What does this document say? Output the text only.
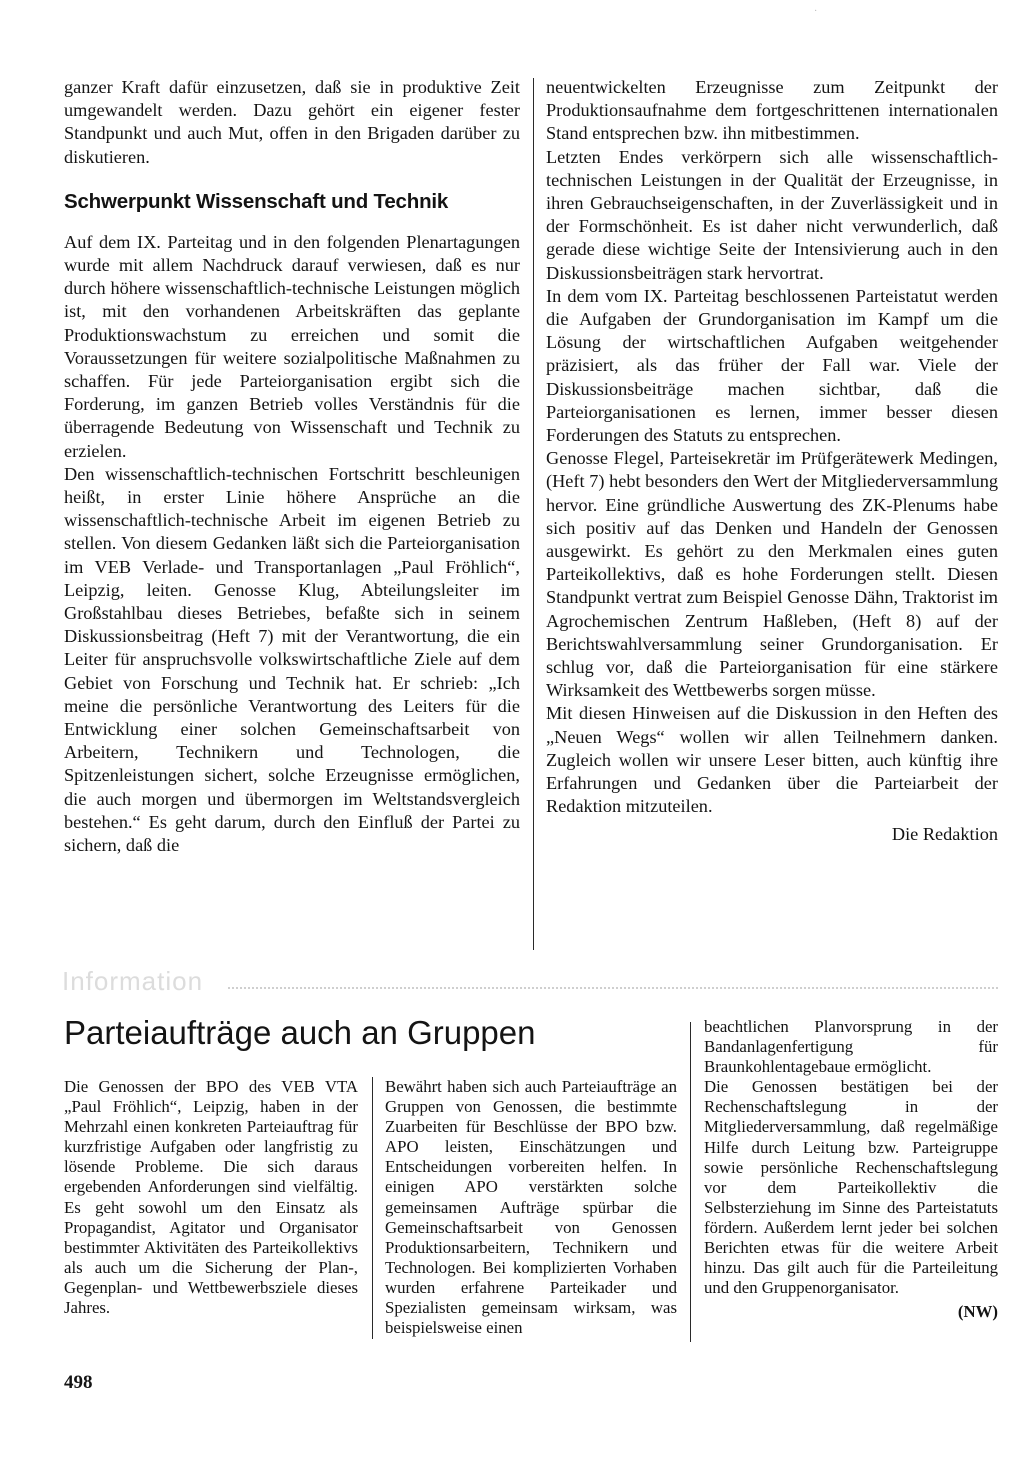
·

ganzer Kraft dafür einzusetzen, daß sie in produktive Zeit umgewandelt werden. Dazu gehört ein eigener fester Standpunkt und auch Mut, offen in den Brigaden darüber zu diskutieren.

Schwerpunkt Wissenschaft und Technik

Auf dem IX. Parteitag und in den folgenden Plenartagungen wurde mit allem Nachdruck darauf verwiesen, daß es nur durch höhere wissenschaftlich-technische Leistungen möglich ist, mit den vorhandenen Arbeitskräften das geplante Produktionswachstum zu erreichen und somit die Voraussetzungen für weitere sozialpolitische Maßnahmen zu schaffen. Für jede Parteiorganisation ergibt sich die Forderung, im ganzen Betrieb volles Verständnis für die überragende Bedeutung von Wissenschaft und Technik zu erzielen.

Den wissenschaftlich-technischen Fortschritt beschleunigen heißt, in erster Linie höhere Ansprüche an die wissenschaftlich-technische Arbeit im eigenen Betrieb zu stellen. Von diesem Gedanken läßt sich die Parteiorganisation im VEB Verlade- und Transportanlagen „Paul Fröhlich“, Leipzig, leiten. Genosse Klug, Abteilungsleiter im Großstahlbau dieses Betriebes, befaßte sich in seinem Diskussionsbeitrag (Heft 7) mit der Verantwortung, die ein Leiter für anspruchsvolle volkswirtschaftliche Ziele auf dem Gebiet von Forschung und Technik hat. Er schrieb: „Ich meine die persönliche Verantwortung des Leiters für die Entwicklung einer solchen Gemeinschaftsarbeit von Arbeitern, Technikern und Technologen, die Spitzenleistungen sichert, solche Erzeugnisse ermöglichen, die auch morgen und übermorgen im Weltstandsvergleich bestehen.“ Es geht darum, durch den Einfluß der Partei zu sichern, daß die

neuentwickelten Erzeugnisse zum Zeitpunkt der Produktionsaufnahme dem fortgeschrittenen internationalen Stand entsprechen bzw. ihn mitbestimmen.

Letzten Endes verkörpern sich alle wissenschaftlich-technischen Leistungen in der Qualität der Erzeugnisse, in ihren Gebrauchseigenschaften, in der Zuverlässigkeit und in der Formschönheit. Es ist daher nicht verwunderlich, daß gerade diese wichtige Seite der Intensivierung auch in den Diskussionsbeiträgen stark hervortrat.

In dem vom IX. Parteitag beschlossenen Parteistatut werden die Aufgaben der Grundorganisation im Kampf um die Lösung der wirtschaftlichen Aufgaben weitgehender präzisiert, als das früher der Fall war. Viele der Diskussionsbeiträge machen sichtbar, daß die Parteiorganisationen es lernen, immer besser diesen Forderungen des Statuts zu entsprechen.

Genosse Flegel, Parteisekretär im Prüfgerätewerk Medingen, (Heft 7) hebt besonders den Wert der Mitgliederversammlung hervor. Eine gründliche Auswertung des ZK-Plenums habe sich positiv auf das Denken und Handeln der Genossen ausgewirkt. Es gehört zu den Merkmalen eines guten Parteikollektivs, daß es hohe Forderungen stellt. Diesen Standpunkt vertrat zum Beispiel Genosse Dähn, Traktorist im Agrochemischen Zentrum Haßleben, (Heft 8) auf der Berichtswahlversammlung seiner Grundorganisation. Er schlug vor, daß die Parteiorganisation für eine stärkere Wirksamkeit des Wettbewerbs sorgen müsse.

Mit diesen Hinweisen auf die Diskussion in den Heften des „Neuen Wegs“ wollen wir allen Teilnehmern danken. Zugleich wollen wir unsere Leser bitten, auch künftig ihre Erfahrungen und Gedanken über die Parteiarbeit der Redaktion mitzuteilen.

Die Redaktion

Information
Parteiaufträge auch an Gruppen

Die Genossen der BPO des VEB VTA „Paul Fröhlich“, Leipzig, haben in der Mehrzahl einen konkreten Parteiauftrag für kurzfristige Aufgaben oder langfristig zu lösende Probleme. Die sich daraus ergebenden Anforderungen sind vielfältig. Es geht sowohl um den Einsatz als Propagandist, Agitator und Organisator bestimmter Aktivitäten des Parteikollektivs als auch um die Sicherung der Plan-, Gegenplan- und Wettbewerbsziele dieses Jahres.

Bewährt haben sich auch Parteiaufträge an Gruppen von Genossen, die bestimmte Zuarbeiten für Beschlüsse der BPO bzw. APO leisten, Einschätzungen und Entscheidungen vorbereiten helfen. In einigen APO verstärkten solche gemeinsamen Aufträge spürbar die Gemeinschaftsarbeit von Genossen Produktionsarbeitern, Technikern und Technologen. Bei komplizierten Vorhaben wurden erfahrene Parteikader und Spezialisten gemeinsam wirksam, was beispielsweise einen

beachtlichen Planvorsprung in der Bandanlagenfertigung für Braunkohlentagebaue ermöglicht.

Die Genossen bestätigen bei der Rechenschaftslegung in der Mitgliederversammlung, daß regelmäßige Hilfe durch Leitung bzw. Parteigruppe sowie persönliche Rechenschaftslegung vor dem Parteikollektiv die Selbsterziehung im Sinne des Parteistatuts fördern. Außerdem lernt jeder bei solchen Berichten etwas für die weitere Arbeit hinzu. Das gilt auch für die Parteileitung und den Gruppenorganisator.

(NW)

498
